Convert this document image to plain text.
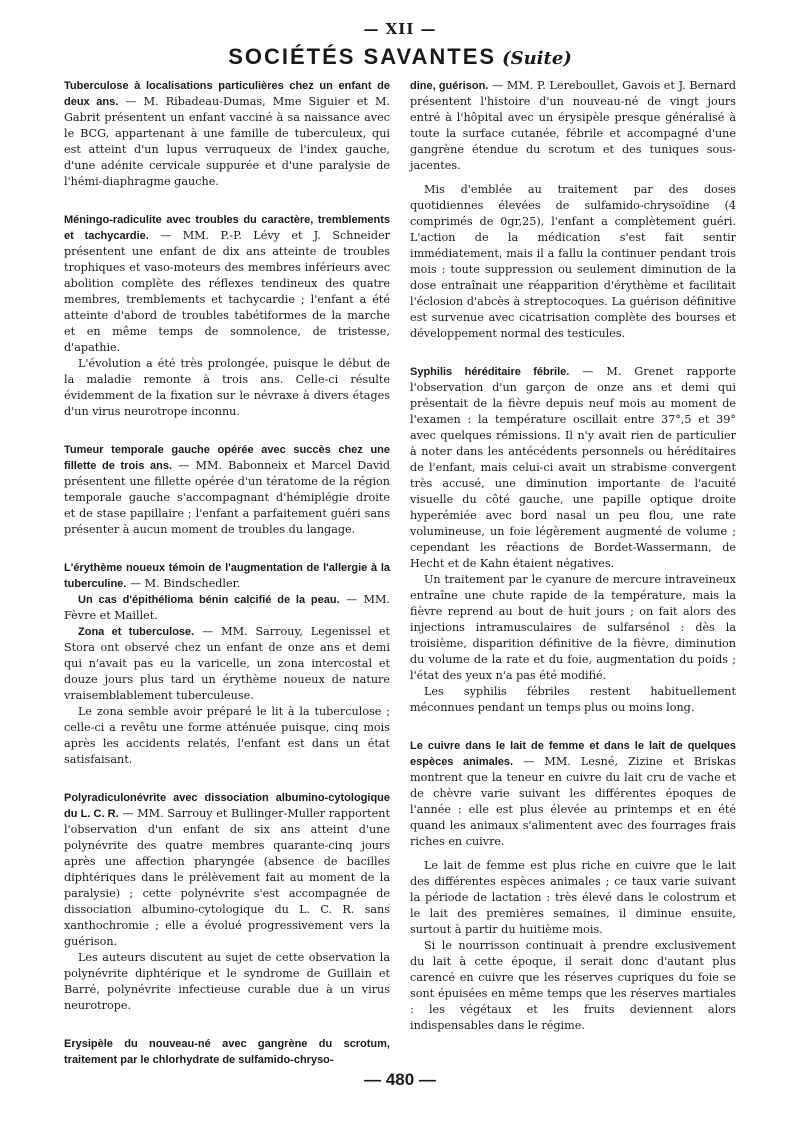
— XII —
SOCIÉTÉS SAVANTES (Suite)

Tuberculose à localisations particulières chez un enfant de deux ans. — M. Ribadeau-Dumas, Mme Siguier et M. Gabrit présentent un enfant vacciné à sa naissance avec le BCG, appartenant à une famille de tuberculeux, qui est atteint d'un lupus verruqueux de l'index gauche, d'une adénite cervicale suppurée et d'une paralysie de l'hémi-diaphragme gauche.

Méningo-radiculite avec troubles du caractère, tremblements et tachycardie. — MM. P.-P. Lévy et J. Schneider présentent une enfant de dix ans atteinte de troubles trophiques et vaso-moteurs des membres inférieurs avec abolition complète des réflexes tendineux des quatre membres, tremblements et tachycardie ; l'enfant a été atteinte d'abord de troubles tabétiformes de la marche et en même temps de somnolence, de tristesse, d'apathie.

L'évolution a été très prolongée, puisque le début de la maladie remonte à trois ans. Celle-ci résulte évidemment de la fixation sur le névraxe à divers étages d'un virus neurotrope inconnu.

Tumeur temporale gauche opérée avec succès chez une fillette de trois ans. — MM. Babonneix et Marcel David présentent une fillette opérée d'un tératome de la région temporale gauche s'accompagnant d'hémiplégie droite et de stase papillaire ; l'enfant a parfaitement guéri sans présenter à aucun moment de troubles du langage.

L'érythème noueux témoin de l'augmentation de l'allergie à la tuberculine. — M. Bindschedler.

Un cas d'épithélioma bénin calcifié de la peau. — MM. Fèvre et Maillet.

Zona et tuberculose. — MM. Sarrouy, Legenissel et Stora ont observé chez un enfant de onze ans et demi qui n'avait pas eu la varicelle, un zona intercostal et douze jours plus tard un érythème noueux de nature vraisemblablement tuberculeuse.

Le zona semble avoir préparé le lit à la tuberculose ; celle-ci a revêtu une forme atténuée puisque, cinq mois après les accidents relatés, l'enfant est dans un état satisfaisant.

Polyradiculonévrite avec dissociation albumino-cytologique du L. C. R. — MM. Sarrouy et Bullinger-Muller rapportent l'observation d'un enfant de six ans atteint d'une polynévrite des quatre membres quarante-cinq jours après une affection pharyngée (absence de bacilles diphtériques dans le prélèvement fait au moment de la paralysie) ; cette polynévrite s'est accompagnée de dissociation albumino-cytologique du L. C. R. sans xanthochromie ; elle a évolué progressivement vers la guérison.

Les auteurs discutent au sujet de cette observation la polynévrite diphtérique et le syndrome de Guillain et Barré, polynévrite infectieuse curable due à un virus neurotrope.

Erysipèle du nouveau-né avec gangrène du scrotum, traitement par le chlorhydrate de sulfamido-chryso-

dine, guérison. — MM. P. Lereboullet, Gavois et J. Bernard présentent l'histoire d'un nouveau-né de vingt jours entré à l'hôpital avec un érysipèle presque généralisé à toute la surface cutanée, fébrile et accompagné d'une gangrène étendue du scrotum et des tuniques sous-jacentes.

Mis d'emblée au traitement par des doses quotidiennes élevées de sulfamido-chrysoïdine (4 comprimés de 0gr,25), l'enfant a complètement guéri. L'action de la médication s'est fait sentir immédiatement, mais il a fallu la continuer pendant trois mois : toute suppression ou seulement diminution de la dose entraînait une réapparition d'érythème et facilitait l'éclosion d'abcès à streptocoques. La guérison définitive est survenue avec cicatrisation complète des bourses et développement normal des testicules.

Syphilis héréditaire fébrile. — M. Grenet rapporte l'observation d'un garçon de onze ans et demi qui présentait de la fièvre depuis neuf mois au moment de l'examen : la température oscillait entre 37°,5 et 39° avec quelques rémissions. Il n'y avait rien de particulier à noter dans les antécédents personnels ou héréditaires de l'enfant, mais celui-ci avait un strabisme convergent très accusé, une diminution importante de l'acuité visuelle du côté gauche, une papille optique droite hyperémiée avec bord nasal un peu flou, une rate volumineuse, un foie légèrement augmenté de volume ; cependant les réactions de Bordet-Wassermann, de Hecht et de Kahn étaient négatives.

Un traitement par le cyanure de mercure intraveineux entraîne une chute rapide de la température, mais la fièvre reprend au bout de huit jours ; on fait alors des injections intramusculaires de sulfarsénol : dès la troisième, disparition définitive de la fièvre, diminution du volume de la rate et du foie, augmentation du poids ; l'état des yeux n'a pas été modifié.

Les syphilis fébriles restent habituellement méconnues pendant un temps plus ou moins long.

Le cuivre dans le lait de femme et dans le lait de quelques espèces animales. — MM. Lesné, Zizine et Briskas montrent que la teneur en cuivre du lait cru de vache et de chèvre varie suivant les différentes époques de l'année : elle est plus élevée au printemps et en été quand les animaux s'alimentent avec des fourrages frais riches en cuivre.

Le lait de femme est plus riche en cuivre que le lait des différentes espèces animales ; ce taux varie suivant la période de lactation : très élevé dans le colostrum et le lait des premières semaines, il diminue ensuite, surtout à partir du huitième mois.

Si le nourrisson continuait à prendre exclusivement du lait à cette époque, il serait donc d'autant plus carencé en cuivre que les réserves cupriques du foie se sont épuisées en même temps que les réserves martiales : les végétaux et les fruits deviennent alors indispensables dans le régime.

— 480 —
